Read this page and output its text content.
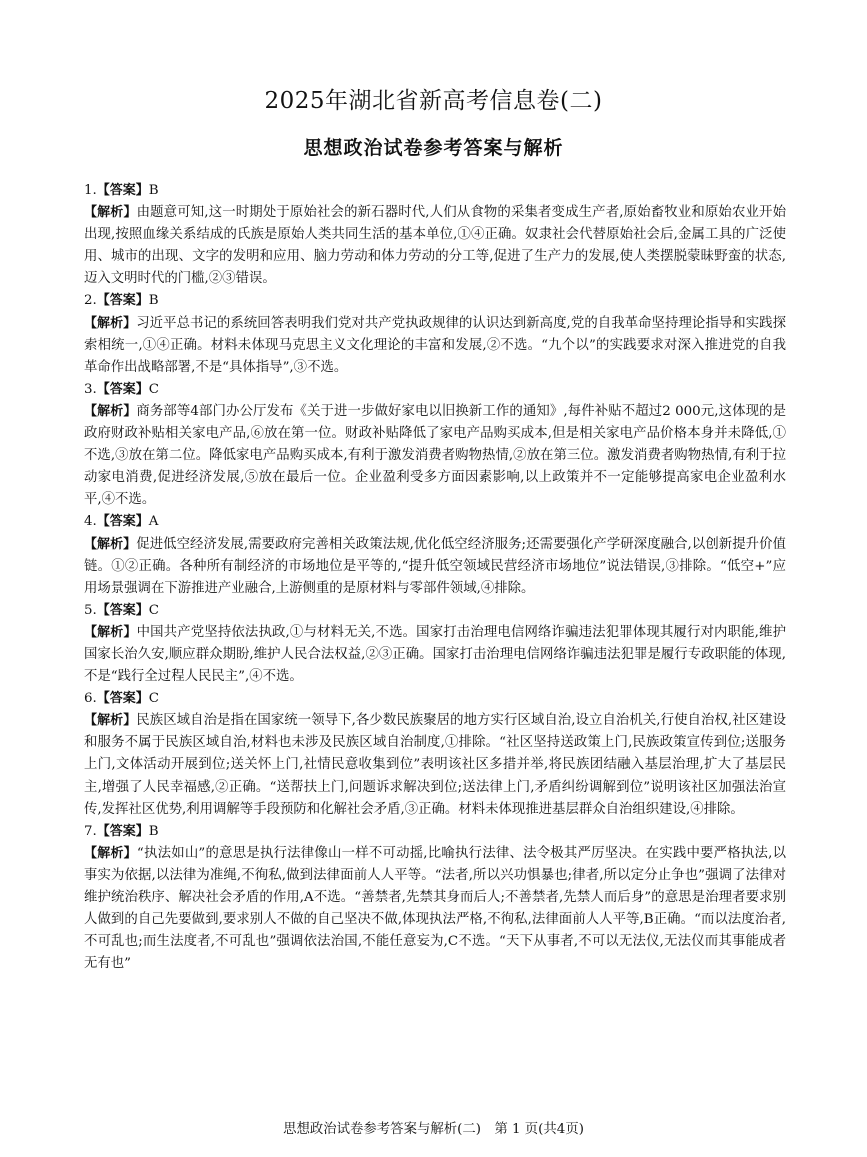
2025年湖北省新高考信息卷(二)
思想政治试卷参考答案与解析
1.【答案】B
【解析】由题意可知,这一时期处于原始社会的新石器时代,人们从食物的采集者变成生产者,原始畜牧业和原始农业开始出现,按照血缘关系结成的氏族是原始人类共同生活的基本单位,①④正确。奴隶社会代替原始社会后,金属工具的广泛使用、城市的出现、文字的发明和应用、脑力劳动和体力劳动的分工等,促进了生产力的发展,使人类摆脱蒙昧野蛮的状态,迈入文明时代的门槛,②③错误。
2.【答案】B
【解析】习近平总书记的系统回答表明我们党对共产党执政规律的认识达到新高度,党的自我革命坚持理论指导和实践探索相统一,①④正确。材料未体现马克思主义文化理论的丰富和发展,②不选。“九个以”的实践要求对深入推进党的自我革命作出战略部署,不是“具体指导”,③不选。
3.【答案】C
【解析】商务部等4部门办公厅发布《关于进一步做好家电以旧换新工作的通知》,每件补贴不超过2 000元,这体现的是政府财政补贴相关家电产品,⑥放在第一位。财政补贴降低了家电产品购买成本,但是相关家电产品价格本身并未降低,①不选,③放在第二位。降低家电产品购买成本,有利于激发消费者购物热情,②放在第三位。激发消费者购物热情,有利于拉动家电消费,促进经济发展,⑤放在最后一位。企业盈利受多方面因素影响,以上政策并不一定能够提高家电企业盈利水平,④不选。
4.【答案】A
【解析】促进低空经济发展,需要政府完善相关政策法规,优化低空经济服务;还需要强化产学研深度融合,以创新提升价值链。①②正确。各种所有制经济的市场地位是平等的,“提升低空领域民营经济市场地位”说法错误,③排除。“低空+”应用场景强调在下游推进产业融合,上游侧重的是原材料与零部件领域,④排除。
5.【答案】C
【解析】中国共产党坚持依法执政,①与材料无关,不选。国家打击治理电信网络诈骗违法犯罪体现其履行对内职能,维护国家长治久安,顺应群众期盼,维护人民合法权益,②③正确。国家打击治理电信网络诈骗违法犯罪是履行专政职能的体现,不是“践行全过程人民民主”,④不选。
6.【答案】C
【解析】民族区域自治是指在国家统一领导下,各少数民族聚居的地方实行区域自治,设立自治机关,行使自治权,社区建设和服务不属于民族区域自治,材料也未涉及民族区域自治制度,①排除。“社区坚持送政策上门,民族政策宣传到位;送服务上门,文体活动开展到位;送关怀上门,社情民意收集到位”表明该社区多措并举,将民族团结融入基层治理,扩大了基层民主,增强了人民幸福感,②正确。“送帮扶上门,问题诉求解决到位;送法律上门,矛盾纠纷调解到位”说明该社区加强法治宣传,发挥社区优势,利用调解等手段预防和化解社会矛盾,③正确。材料未体现推进基层群众自治组织建设,④排除。
7.【答案】B
【解析】“执法如山”的意思是执行法律像山一样不可动摇,比喻执行法律、法令极其严厉坚决。在实践中要严格执法,以事实为依据,以法律为准绳,不徇私,做到法律面前人人平等。“法者,所以兴功惧暴也;律者,所以定分止争也”强调了法律对维护统治秩序、解决社会矛盾的作用,A不选。“善禁者,先禁其身而后人;不善禁者,先禁人而后身”的意思是治理者要求别人做到的自己先要做到,要求别人不做的自己坚决不做,体现执法严格,不徇私,法律面前人人平等,B正确。“而以法度治者,不可乱也;而生法度者,不可乱也”强调依法治国,不能任意妄为,C不选。“天下从事者,不可以无法仪,无法仪而其事能成者无有也”
思想政治试卷参考答案与解析(二)　第 1 页(共4页)
